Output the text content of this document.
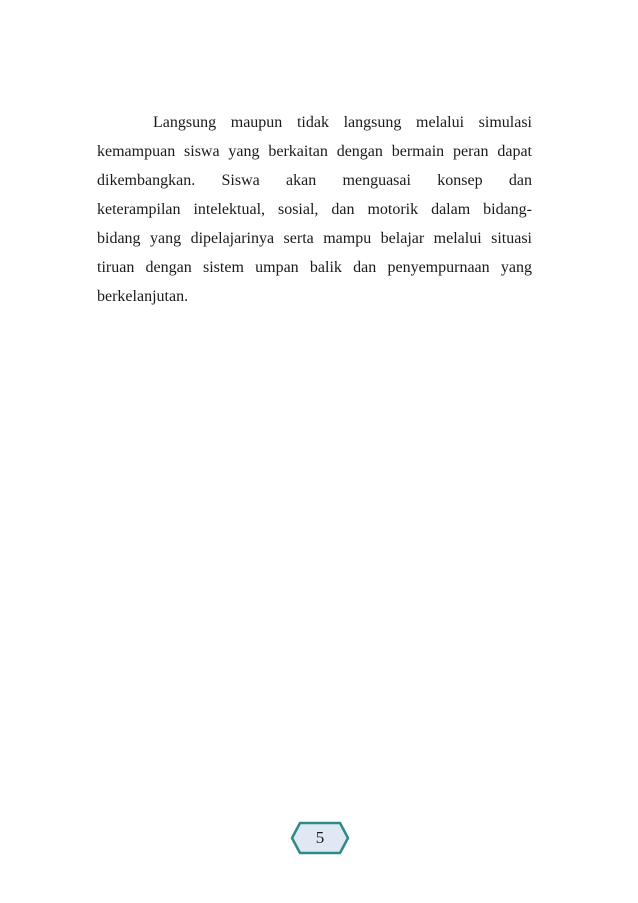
Langsung maupun tidak langsung melalui simulasi
kemampuan siswa yang berkaitan dengan bermain peran dapat
dikembangkan. Siswa akan menguasai konsep dan
keterampilan intelektual, sosial, dan motorik dalam bidang-
bidang yang dipelajarinya serta mampu belajar melalui situasi
tiruan dengan sistem umpan balik dan penyempurnaan yang
berkelanjutan.
5
